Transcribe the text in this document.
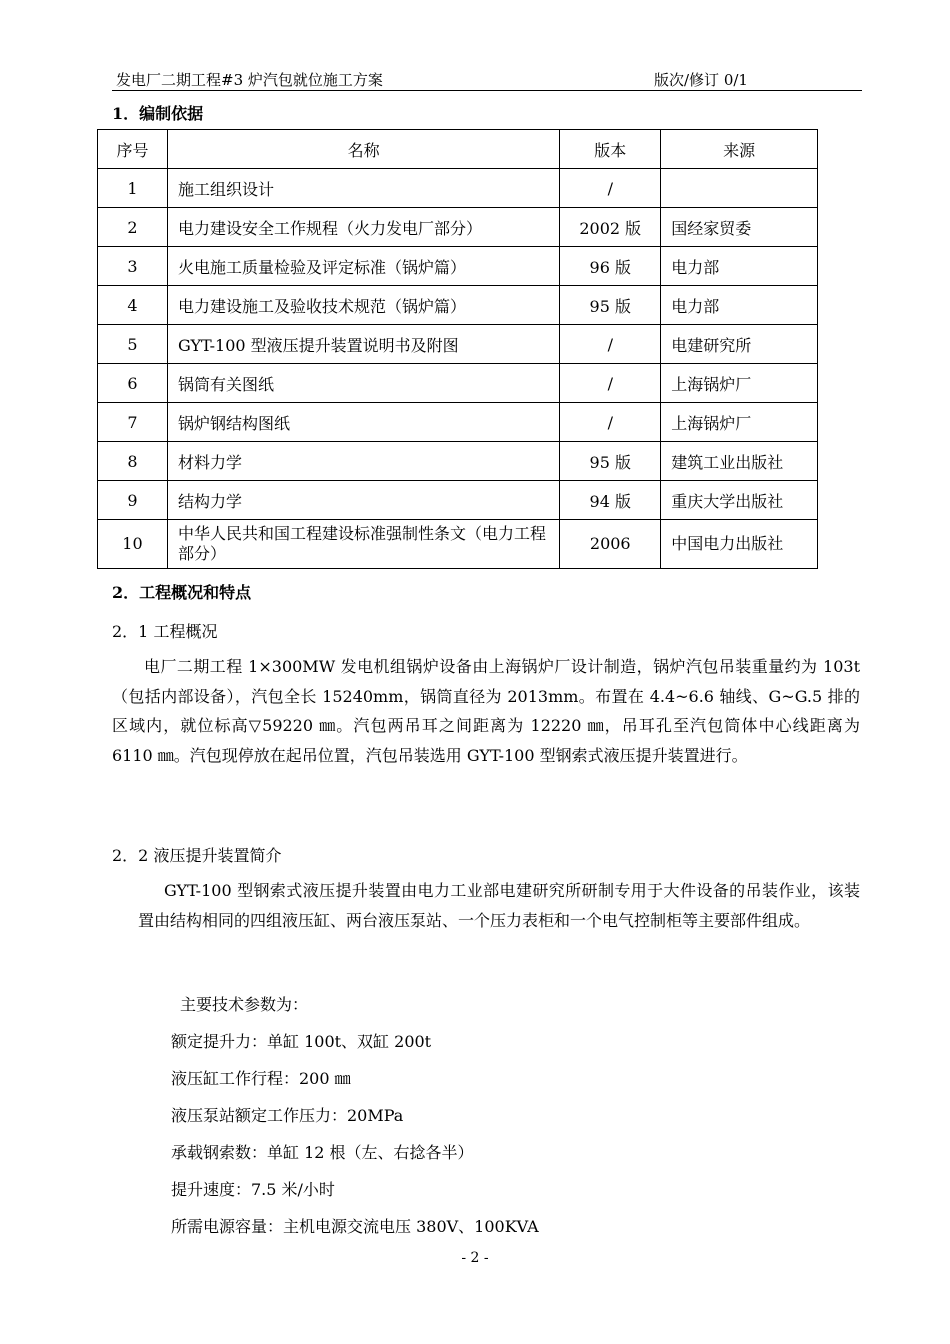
发电厂二期工程#3 炉汽包就位施工方案	版次/修订 0/1
1．编制依据
序号	名称	版本	来源
1	施工组织设计	/	
2	电力建设安全工作规程（火力发电厂部分）	2002 版	国经家贸委
3	火电施工质量检验及评定标准（锅炉篇）	96 版	电力部
4	电力建设施工及验收技术规范（锅炉篇）	95 版	电力部
5	GYT-100 型液压提升装置说明书及附图	/	电建研究所
6	锅筒有关图纸	/	上海锅炉厂
7	锅炉钢结构图纸	/	上海锅炉厂
8	材料力学	95 版	建筑工业出版社
9	结构力学	94 版	重庆大学出版社
10	中华人民共和国工程建设标准强制性条文（电力工程部分）	2006	中国电力出版社
2．工程概况和特点
2．1 工程概况
电厂二期工程 1×300MW 发电机组锅炉设备由上海锅炉厂设计制造，锅炉汽包吊装重量约为 103t（包括内部设备），汽包全长 15240mm，锅筒直径为 2013mm。布置在 4.4~6.6 轴线、G~G.5 排的区域内，就位标高▽59220 ㎜。汽包两吊耳之间距离为 12220 ㎜，吊耳孔至汽包筒体中心线距离为 6110 ㎜。汽包现停放在起吊位置，汽包吊装选用 GYT-100 型钢索式液压提升装置进行。
2．2 液压提升装置简介
GYT-100 型钢索式液压提升装置由电力工业部电建研究所研制专用于大件设备的吊装作业，该装置由结构相同的四组液压缸、两台液压泵站、一个压力表柜和一个电气控制柜等主要部件组成。
主要技术参数为：
额定提升力：单缸 100t、双缸 200t
液压缸工作行程：200 ㎜
液压泵站额定工作压力：20MPa
承载钢索数：单缸 12 根（左、右捻各半）
提升速度：7.5 米/小时
所需电源容量：主机电源交流电压 380V、100KVA
- 2 -
